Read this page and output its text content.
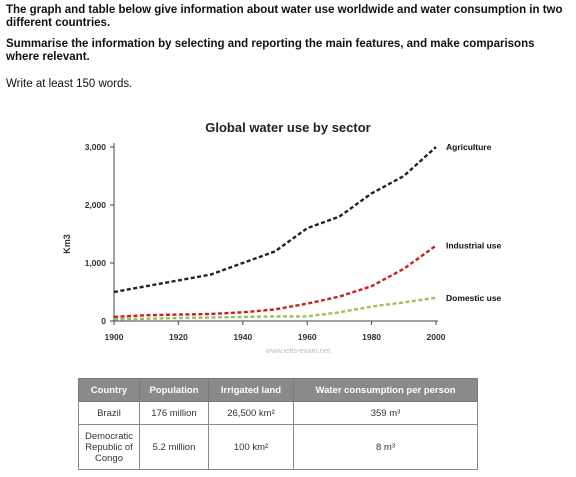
The graph and table below give information about water use worldwide and water consumption in two different countries.

Summarise the information by selecting and reporting the main features, and make comparisons where relevant.

Write at least 150 words.

Global water use by sector
Km3
0
1,000
2,000
3,000
1900	1920	1940	1960	1980	2000
Agriculture
Industrial use
Domestic use
www.ielts-exam.net
Country	Population	Irrigated land	Water consumption per person
Brazil	176 million	26,500 km²	359 m³
Democratic Republic of Congo	5.2 million	100 km²	8 m³
